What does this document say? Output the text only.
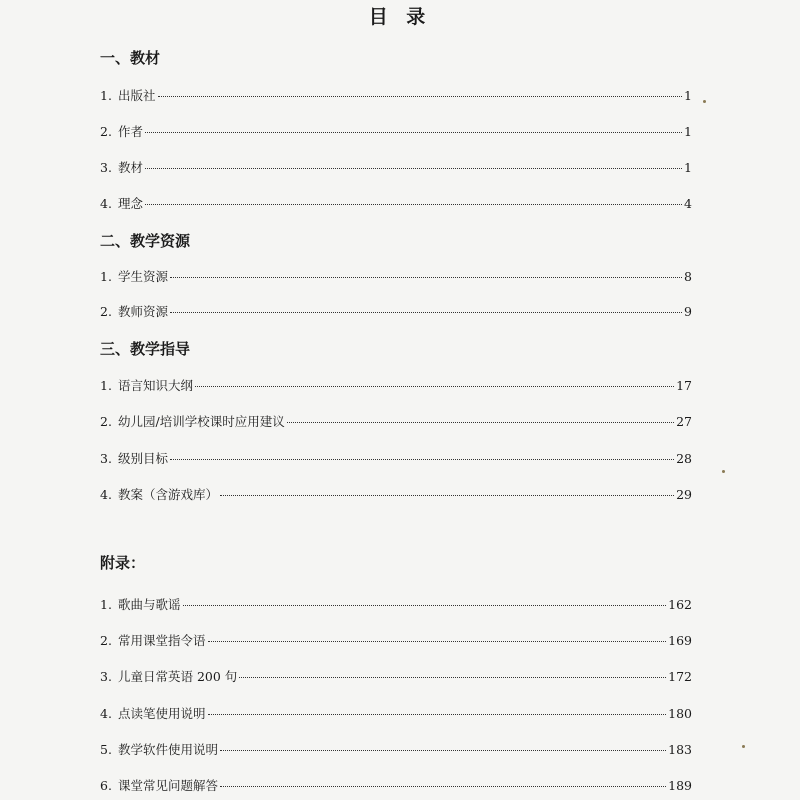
目 录
一、教材
1. 出版社	1
2. 作者	1
3. 教材	1
4. 理念	4
二、教学资源
1. 学生资源	8
2. 教师资源	9
三、教学指导
1. 语言知识大纲	17
2. 幼儿园/培训学校课时应用建议	27
3. 级别目标	28
4. 教案（含游戏库）	29
附录：
1. 歌曲与歌谣	162
2. 常用课堂指令语	169
3. 儿童日常英语 200 句	172
4. 点读笔使用说明	180
5. 教学软件使用说明	183
6. 课堂常见问题解答	189
